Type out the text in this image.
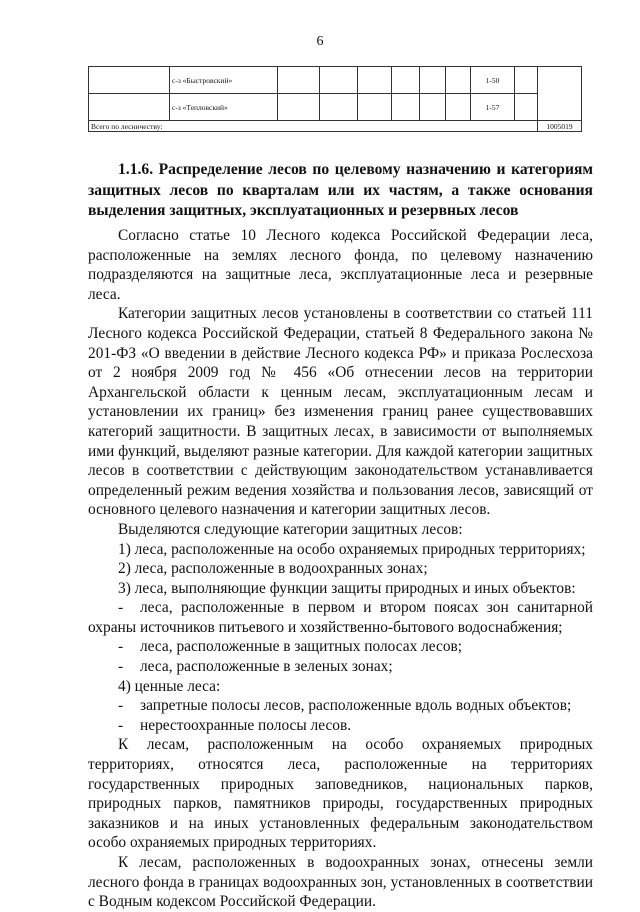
6
	с-з «Быстровский»							1-50		
	с-з «Тепловский»							1-57		
Всего по лесничеству:										1005019
1.1.6. Распределение лесов по целевому назначению и категориям защитных лесов по кварталам или их частям, а также основания выделения защитных, эксплуатационных и резервных лесов

Согласно статье 10 Лесного кодекса Российской Федерации леса, расположенные на землях лесного фонда, по целевому назначению подразделяются на защитные леса, эксплуатационные леса и резервные леса.

Категории защитных лесов установлены в соответствии со статьей 111 Лесного кодекса Российской Федерации, статьей 8 Федерального закона № 201-ФЗ «О введении в действие Лесного кодекса РФ» и приказа Рослесхоза от 2 ноября 2009 год № 456 «Об отнесении лесов на территории Архангельской области к ценным лесам, эксплуатационным лесам и установлении их границ» без изменения границ ранее существовавших категорий защитности. В защитных лесах, в зависимости от выполняемых ими функций, выделяют разные категории. Для каждой категории защитных лесов в соответствии с действующим законодательством устанавливается определенный режим ведения хозяйства и пользования лесов, зависящий от основного целевого назначения и категории защитных лесов.

Выделяются следующие категории защитных лесов:

1) леса, расположенные на особо охраняемых природных территориях;

2) леса, расположенные в водоохранных зонах;

3) леса, выполняющие функции защиты природных и иных объектов:

- леса, расположенные в первом и втором поясах зон санитарной охраны источников питьевого и хозяйственно-бытового водоснабжения;

- леса, расположенные в защитных полосах лесов;

- леса, расположенные в зеленых зонах;

4) ценные леса:

- запретные полосы лесов, расположенные вдоль водных объектов;

- нерестоохранные полосы лесов.

К лесам, расположенным на особо охраняемых природных территориях, относятся леса, расположенные на территориях государственных природных заповедников, национальных парков, природных парков, памятников природы, государственных природных заказников и на иных установленных федеральным законодательством особо охраняемых природных территориях.

К лесам, расположенных в водоохранных зонах, отнесены земли лесного фонда в границах водоохранных зон, установленных в соответствии с Водным кодексом Российской Федерации.
